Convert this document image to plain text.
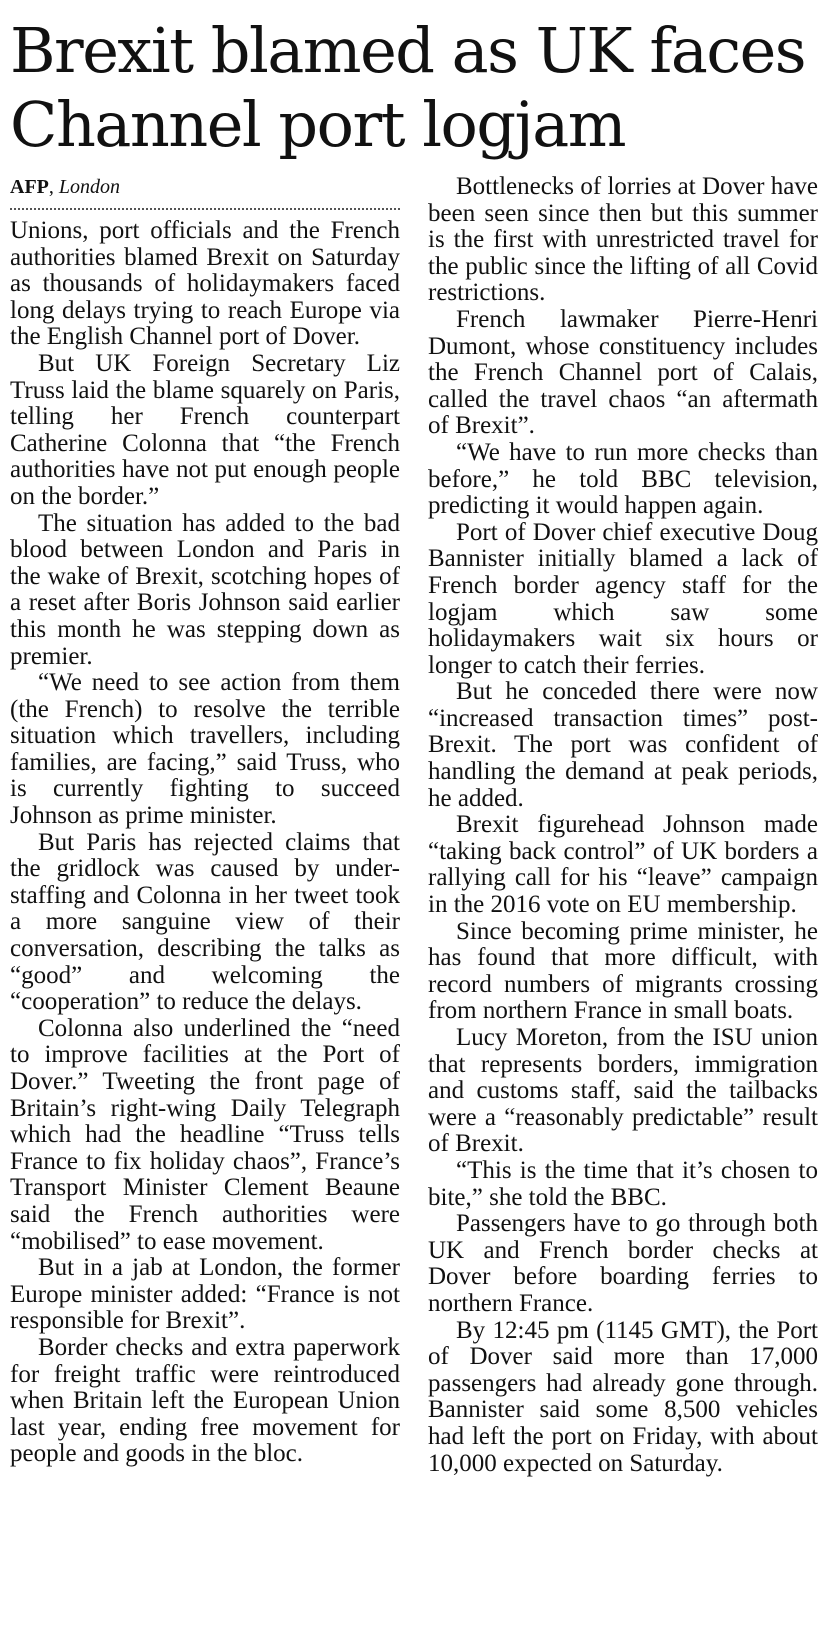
Brexit blamed as UK faces Channel port logjam
AFP, London

Unions, port officials and the French authorities blamed Brexit on Saturday as thousands of holidaymakers faced long delays trying to reach Europe via the English Channel port of Dover.

But UK Foreign Secretary Liz Truss laid the blame squarely on Paris, telling her French counterpart Catherine Colonna that “the French authorities have not put enough people on the border.”

The situation has added to the bad blood between London and Paris in the wake of Brexit, scotching hopes of a reset after Boris Johnson said earlier this month he was stepping down as premier.

“We need to see action from them (the French) to resolve the terrible situation which travellers, including families, are facing,” said Truss, who is currently fighting to succeed Johnson as prime minister.

But Paris has rejected claims that the gridlock was caused by under-staffing and Colonna in her tweet took a more sanguine view of their conversation, describing the talks as “good” and welcoming the “cooperation” to reduce the delays.

Colonna also underlined the “need to improve facilities at the Port of Dover.” Tweeting the front page of Britain’s right-wing Daily Telegraph which had the headline “Truss tells France to fix holiday chaos”, France’s Transport Minister Clement Beaune said the French authorities were “mobilised” to ease movement.

But in a jab at London, the former Europe minister added: “France is not responsible for Brexit”.

Border checks and extra paperwork for freight traffic were reintroduced when Britain left the European Union last year, ending free movement for people and goods in the bloc.

Bottlenecks of lorries at Dover have been seen since then but this summer is the first with unrestricted travel for the public since the lifting of all Covid restrictions.

French lawmaker Pierre-Henri Dumont, whose constituency includes the French Channel port of Calais, called the travel chaos “an aftermath of Brexit”.

“We have to run more checks than before,” he told BBC television, predicting it would happen again.

Port of Dover chief executive Doug Bannister initially blamed a lack of French border agency staff for the logjam which saw some holidaymakers wait six hours or longer to catch their ferries.

But he conceded there were now “increased transaction times” post-Brexit. The port was confident of handling the demand at peak periods, he added.

Brexit figurehead Johnson made “taking back control” of UK borders a rallying call for his “leave” campaign in the 2016 vote on EU membership.

Since becoming prime minister, he has found that more difficult, with record numbers of migrants crossing from northern France in small boats.

Lucy Moreton, from the ISU union that represents borders, immigration and customs staff, said the tailbacks were a “reasonably predictable” result of Brexit.

“This is the time that it’s chosen to bite,” she told the BBC.

Passengers have to go through both UK and French border checks at Dover before boarding ferries to northern France.

By 12:45 pm (1145 GMT), the Port of Dover said more than 17,000 passengers had already gone through. Bannister said some 8,500 vehicles had left the port on Friday, with about 10,000 expected on Saturday.
